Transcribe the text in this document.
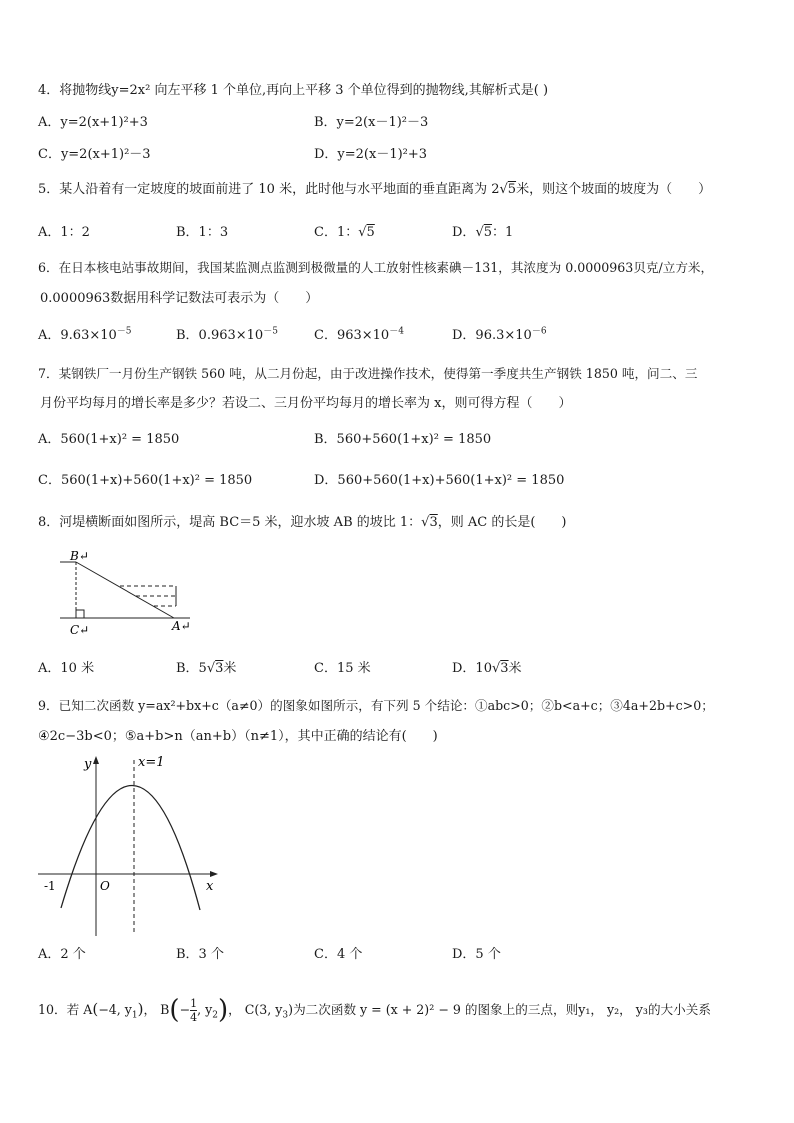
4．将抛物线y=2x² 向左平移 1 个单位,再向上平移 3 个单位得到的抛物线,其解析式是( )
A．y=2(x+1)²+3	B．y=2(x－1)²－3
C．y=2(x+1)²－3	D．y=2(x－1)²+3
5．某人沿着有一定坡度的坡面前进了 10 米，此时他与水平地面的垂直距离为 2√5米，则这个坡面的坡度为（　　）
A．1：2	B．1：3	C．1：√5	D．√5：1
6．在日本核电站事故期间，我国某监测点监测到极微量的人工放射性核素碘－131，其浓度为 0.0000963贝克/立方米，
0.0000963数据用科学记数法可表示为（　　）
A．$9.63\times 10^{-5}$	B．$0.963\times 10^{-5}$	C．$963\times 10^{-4}$	D．$96.3\times 10^{-6}$
7．某钢铁厂一月份生产钢铁 560 吨，从二月份起，由于改进操作技术，使得第一季度共生产钢铁 1850 吨，问二、三
月份平均每月的增长率是多少？若设二、三月份平均每月的增长率为 x，则可得方程（　　）
A．560(1+x)² = 1850	B．560+560(1+x)² = 1850
C．560(1+x)+560(1+x)² = 1850	D．560+560(1+x)+560(1+x)² = 1850
8．河堤横断面如图所示，堤高 BC＝5 米，迎水坡 AB 的坡比 1：√3，则 AC 的长是(　　)
B↵
C↵	A↵
A．10 米	B．5√3米	C．15 米	D．10√3米
9．已知二次函数 y=ax²+bx+c（a≠0）的图象如图所示，有下列 5 个结论：①abc>0；②b<a+c；③4a+2b+c>0；
④2c−3b<0；⑤a+b>n（an+b）（n≠1），其中正确的结论有(　　)
y	x=1
O
-1	x
A．2 个	B．3 个	C．4 个	D．5 个
10．若 A(−4, $y_1$)， $B(- \frac{1}{4}$ , $y_2$)， C(3, $y_3$)为二次函数 y = (x + 2)² − 9 的图象上的三点，则y₁， y₂， y₃的大小关系
